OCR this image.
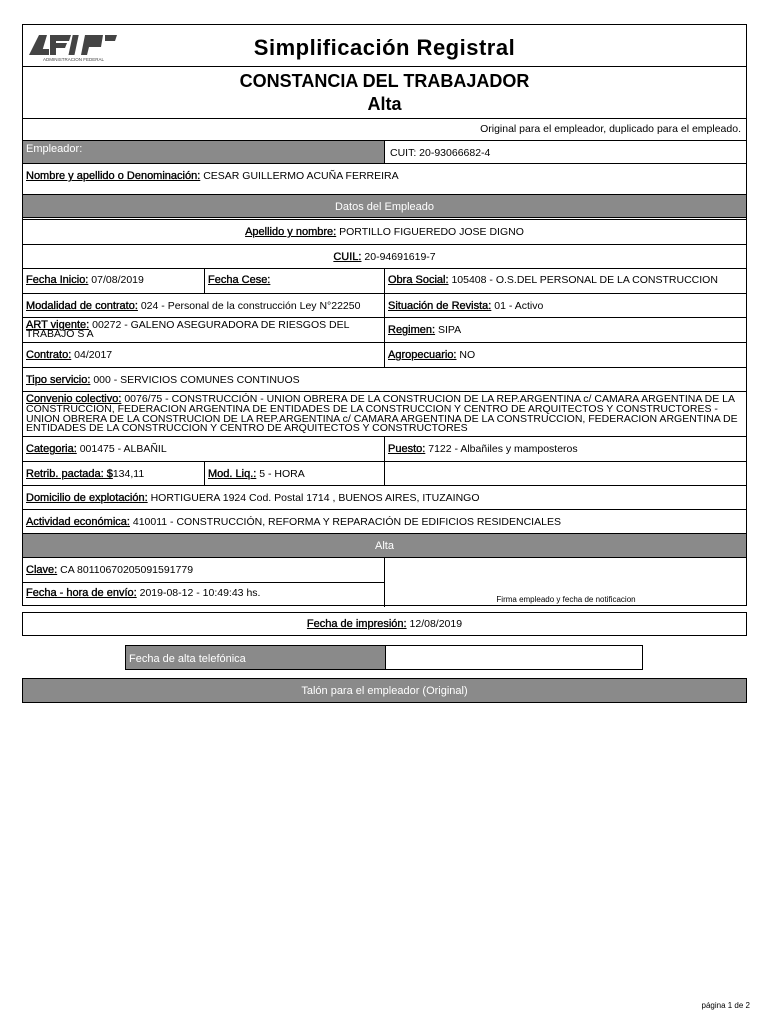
ADMINISTRACION FEDERAL	Simplificación Registral
CONSTANCIA DEL TRABAJADOR
Alta
Original para el empleador, duplicado para el empleado.
Empleador:	CUIT: 20-93066682-4
Nombre y apellido o Denominación: CESAR GUILLERMO ACUÑA FERREIRA
Datos del Empleado
Apellido y nombre: PORTILLO FIGUEREDO JOSE DIGNO
CUIL: 20-94691619-7
Fecha Inicio: 07/08/2019	Fecha Cese:	Obra Social: 105408 - O.S.DEL PERSONAL DE LA CONSTRUCCION
Modalidad de contrato: 024 - Personal de la construcción Ley N°22250	Situación de Revista: 01 - Activo
ART vigente: 00272 - GALENO ASEGURADORA DE RIESGOS DEL TRABAJO S A	Regimen: SIPA
Contrato: 04/2017	Agropecuario: NO
Tipo servicio: 000 - SERVICIOS COMUNES CONTINUOS
Convenio colectivo: 0076/75 - CONSTRUCCIÓN - UNION OBRERA DE LA CONSTRUCION DE LA REP.ARGENTINA c/ CAMARA ARGENTINA DE LA CONSTRUCCION, FEDERACION ARGENTINA DE ENTIDADES DE LA CONSTRUCCION Y CENTRO DE ARQUITECTOS Y CONSTRUCTORES - UNION OBRERA DE LA CONSTRUCION DE LA REP.ARGENTINA c/ CAMARA ARGENTINA DE LA CONSTRUCCION, FEDERACION ARGENTINA DE ENTIDADES DE LA CONSTRUCCION Y CENTRO DE ARQUITECTOS Y CONSTRUCTORES
Categoria: 001475 - ALBAÑIL	Puesto: 7122 - Albañiles y mamposteros
Retrib. pactada: $134,11	Mod. Liq.: 5 - HORA
Domicilio de explotación: HORTIGUERA 1924 Cod. Postal 1714 , BUENOS AIRES, ITUZAINGO
Actividad económica: 410011 - CONSTRUCCIÓN, REFORMA Y REPARACIÓN DE EDIFICIOS RESIDENCIALES
Alta
Clave: CA 80110670205091591779
Fecha - hora de envío: 2019-08-12 - 10:49:43 hs.
Firma empleado y fecha de notificacion
Fecha de impresión: 12/08/2019
Fecha de alta telefónica
Talón para el empleador (Original)
página 1 de 2
